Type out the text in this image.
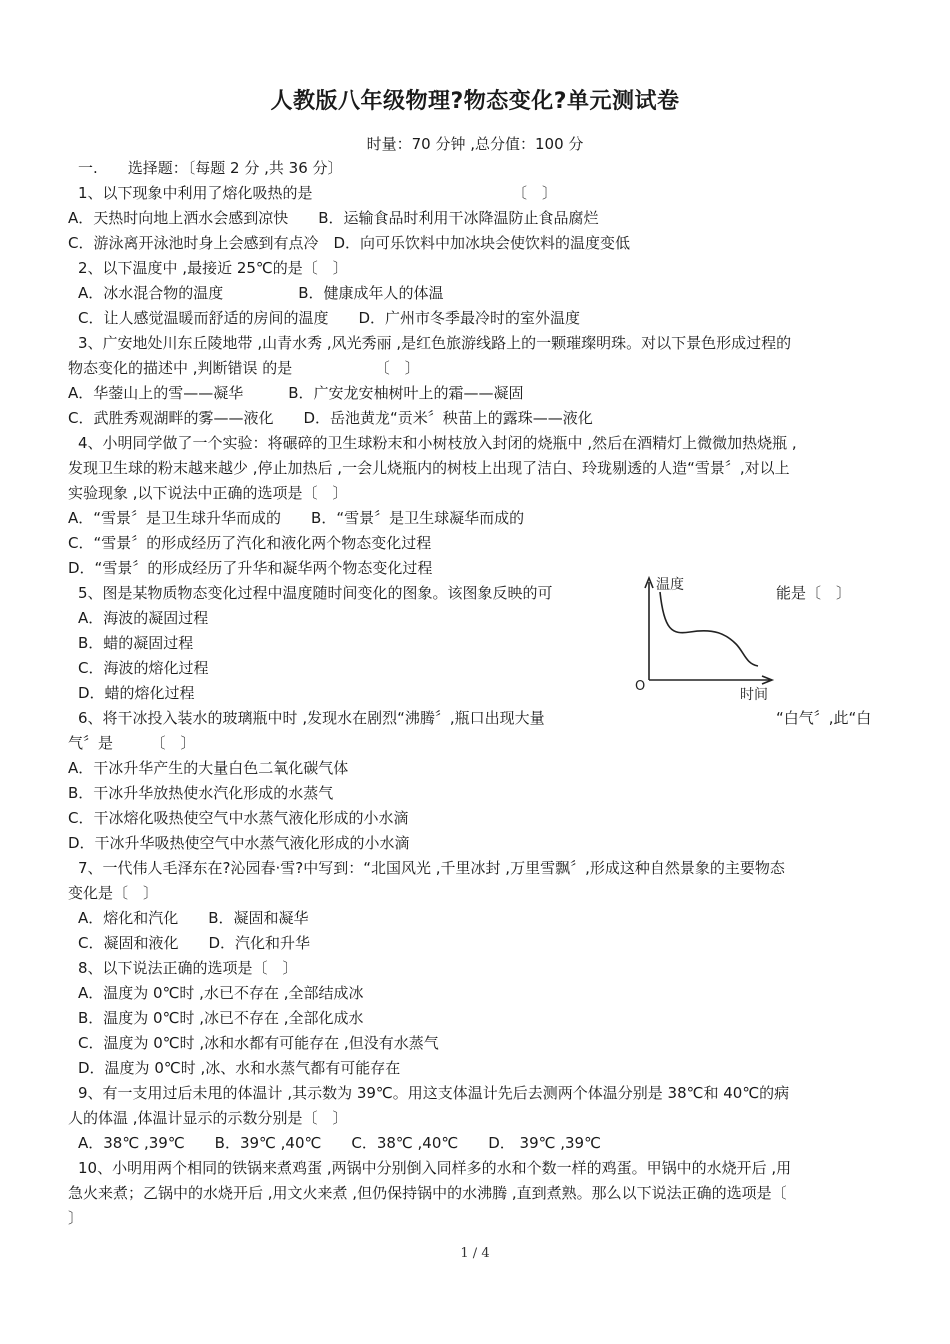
人教版八年级物理?物态变化?单元测试卷
时量：70 分钟 ,总分值：100 分
一.　　选择题：〔每题 2 分 ,共 36 分〕
1、以下现象中利用了熔化吸热的是	〔　〕
A．天热时向地上洒水会感到凉快　　B．运输食品时利用干冰降温防止食品腐烂
C．游泳离开泳池时身上会感到有点冷　D．向可乐饮料中加冰块会使饮料的温度变低
2、以下温度中 ,最接近 25℃的是〔　〕
A．冰水混合物的温度　　　　　B．健康成年人的体温
C．让人感觉温暖而舒适的房间的温度　　D．广州市冬季最冷时的室外温度
3、广安地处川东丘陵地带 ,山青水秀 ,风光秀丽 ,是红色旅游线路上的一颗璀璨明珠。对以下景色形成过程的
物态变化的描述中 ,判断错误 的是　　　　　　〔　〕
A．华蓥山上的雪——凝华　　　B．广安龙安柚树叶上的霜——凝固
C．武胜秀观湖畔的雾——液化　　D．岳池黄龙“贡米〞秧苗上的露珠——液化
4、小明同学做了一个实验：将碾碎的卫生球粉末和小树枝放入封闭的烧瓶中 ,然后在酒精灯上微微加热烧瓶 ,
发现卫生球的粉末越来越少 ,停止加热后 ,一会儿烧瓶内的树枝上出现了洁白、玲珑剔透的人造“雪景〞,对以上
实验现象 ,以下说法中正确的选项是〔　〕
A．“雪景〞是卫生球升华而成的　　B．“雪景〞是卫生球凝华而成的
C．“雪景〞的形成经历了汽化和液化两个物态变化过程
D．“雪景〞的形成经历了升华和凝华两个物态变化过程
5、图是某物质物态变化过程中温度随时间变化的图象。该图象反映的可	能是〔　〕
A．海波的凝固过程
B．蜡的凝固过程
C．海波的熔化过程
D．蜡的熔化过程
温度
时间
O
6、将干冰投入装水的玻璃瓶中时 ,发现水在剧烈“沸腾〞,瓶口出现大量	“白气〞,此“白
气〞是　　　〔　〕
A．干冰升华产生的大量白色二氧化碳气体
B．干冰升华放热使水汽化形成的水蒸气
C．干冰熔化吸热使空气中水蒸气液化形成的小水滴
D．干冰升华吸热使空气中水蒸气液化形成的小水滴
7、一代伟人毛泽东在?沁园春·雪?中写到：“北国风光 ,千里冰封 ,万里雪飘〞,形成这种自然景象的主要物态
变化是〔　〕
A．熔化和汽化　　B．凝固和凝华
C．凝固和液化　　D．汽化和升华
8、以下说法正确的选项是〔　〕
A．温度为 0℃时 ,水已不存在 ,全部结成冰
B．温度为 0℃时 ,冰已不存在 ,全部化成水
C．温度为 0℃时 ,冰和水都有可能存在 ,但没有水蒸气
D．温度为 0℃时 ,冰、水和水蒸气都有可能存在
9、有一支用过后未甩的体温计 ,其示数为 39℃。用这支体温计先后去测两个体温分别是 38℃和 40℃的病
人的体温 ,体温计显示的示数分别是〔　〕
A．38℃ ,39℃　　B．39℃ ,40℃　　C．38℃ ,40℃　　D． 39℃ ,39℃
10、小明用两个相同的铁锅来煮鸡蛋 ,两锅中分别倒入同样多的水和个数一样的鸡蛋。甲锅中的水烧开后 ,用
急火来煮；乙锅中的水烧开后 ,用文火来煮 ,但仍保持锅中的水沸腾 ,直到煮熟。那么以下说法正确的选项是〔
〕
1 / 4
